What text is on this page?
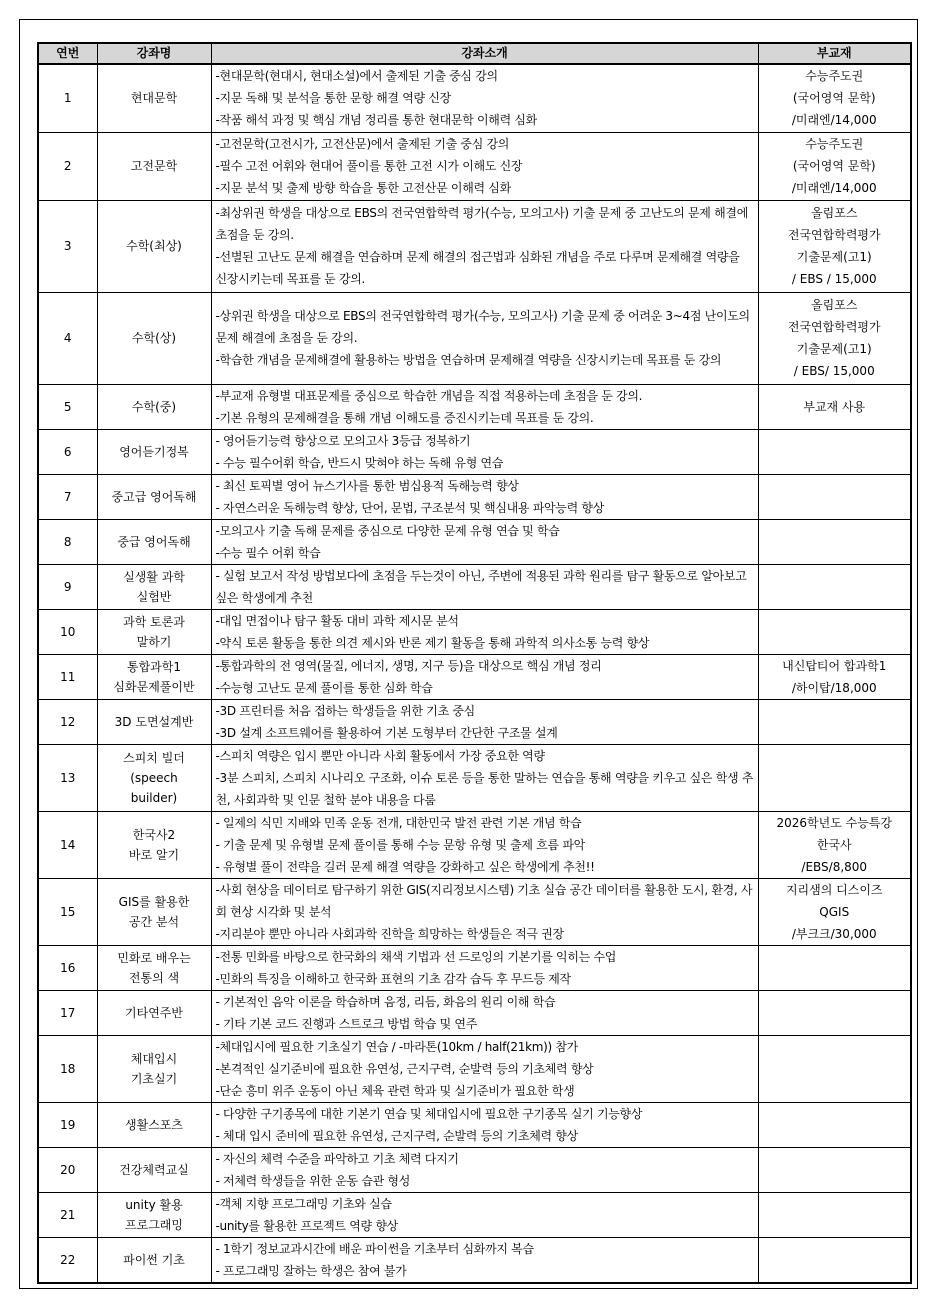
연번	강좌명	강좌소개	부교재
1	현대문학	-현대문학(현대시, 현대소설)에서 출제된 기출 중심 강의
-지문 독해 및 분석을 통한 문항 해결 역량 신장
-작품 해석 과정 및 핵심 개념 정리를 통한 현대문학 이해력 심화	수능주도권
(국어영역 문학)
/미래엔/14,000

2	고전문학	-고전문학(고전시가, 고전산문)에서 출제된 기출 중심 강의
-필수 고전 어휘와 현대어 풀이를 통한 고전 시가 이해도 신장
-지문 분석 및 출제 방향 학습을 통한 고전산문 이해력 심화	수능주도권
(국어영역 문학)
/미래엔/14,000

3	수학(최상)	-최상위권 학생을 대상으로 EBS의 전국연합학력 평가(수능, 모의고사) 기출 문제 중 고난도의 문제 해결에 초점을 둔 강의.
-선별된 고난도 문제 해결을 연습하며 문제 해결의 접근법과 심화된 개념을 주로 다루며 문제해결 역량을 신장시키는데 목표를 둔 강의.	올림포스
전국연합학력평가
기출문제(고1)
/ EBS / 15,000

4	수학(상)	-상위권 학생을 대상으로 EBS의 전국연합학력 평가(수능, 모의고사) 기출 문제 중 어려운 3~4점 난이도의 문제 해결에 초점을 둔 강의.
-학습한 개념을 문제해결에 활용하는 방법을 연습하며 문제해결 역량을 신장시키는데 목표를 둔 강의	올림포스
전국연합학력평가
기출문제(고1)
/ EBS/ 15,000

5	수학(중)	-부교재 유형별 대표문제를 중심으로 학습한 개념을 직접 적용하는데 초점을 둔 강의.
-기본 유형의 문제해결을 통해 개념 이해도를 증진시키는데 목표를 둔 강의.	부교재 사용

6	영어듣기정복	- 영어듣기능력 향상으로 모의고사 3등급 정복하기
- 수능 필수어휘 학습, 반드시 맞혀야 하는 독해 유형 연습	

7	중고급 영어독해	- 최신 토픽별 영어 뉴스기사를 통한 범십용적 독해능력 향상
- 자연스러운 독해능력 향상, 단어, 문법, 구조분석 및 핵심내용 파악능력 향상	

8	중급 영어독해	-모의고사 기출 독해 문제를 중심으로 다양한 문제 유형 연습 및 학습
-수능 필수 어휘 학습	

9	실생활 과학
실험반	- 실험 보고서 작성 방법보다에 초점을 두는것이 아닌, 주변에 적용된 과학 원리를 탐구 활동으로 알아보고 싶은 학생에게 추천	

10	과학 토론과
말하기	-대입 면접이나 탐구 활동 대비 과학 제시문 분석
-약식 토론 활동을 통한 의견 제시와 반론 제기 활동을 통해 과학적 의사소통 능력 향상	

11	통합과학1
심화문제풀이반	-통합과학의 전 영역(물질, 에너지, 생명, 지구 등)을 대상으로 핵심 개념 정리
-수능형 고난도 문제 풀이를 통한 심화 학습	내신탑티어 합과학1
/하이탑/18,000

12	3D 도면설계반	-3D 프린터를 처음 접하는 학생들을 위한 기초 중심
-3D 설계 소프트웨어를 활용하여 기본 도형부터 간단한 구조물 설계	

13	스피치 빌더
(speech
builder)	-스피치 역량은 입시 뿐만 아니라 사회 활동에서 가장 중요한 역량
-3분 스피치, 스피치 시나리오 구조화, 이슈 토론 등을 통한 말하는 연습을 통해 역량을 키우고 싶은 학생 추천, 사회과학 및 인문 철학 분야 내용을 다룸	

14	한국사2
바로 알기	- 일제의 식민 지배와 민족 운동 전개, 대한민국 발전 관련 기본 개념 학습
- 기출 문제 및 유형별 문제 풀이를 통해 수능 문항 유형 및 출제 흐름 파악
- 유형별 풀이 전략을 길러 문제 해결 역량을 강화하고 싶은 학생에게 추천!!	2026학년도 수능특강
한국사
/EBS/8,800

15	GIS를 활용한
공간 분석	-사회 현상을 데이터로 탐구하기 위한 GIS(지리정보시스템) 기초 실습 공간 데이터를 활용한 도시, 환경, 사회 현상 시각화 및 분석
-지리분야 뿐만 아니라 사회과학 진학을 희망하는 학생들은 적극 권장	지리샘의 디스이즈
QGIS
/부크크/30,000

16	민화로 배우는
전통의 색	-전통 민화를 바탕으로 한국화의 채색 기법과 선 드로잉의 기본기를 익히는 수업
-민화의 특징을 이해하고 한국화 표현의 기초 감각 습득 후 무드등 제작	

17	기타연주반	- 기본적인 음악 이론을 학습하며 음정, 리듬, 화음의 원리 이해 학습
- 기타 기본 코드 진행과 스트로크 방법 학습 및 연주	

18	체대입시
기초실기	-체대입시에 필요한 기초실기 연습 / -마라톤(10km / half(21km)) 참가
-본격적인 실기준비에 필요한 유연성, 근지구력, 순발력 등의 기초체력 향상
-단순 흥미 위주 운동이 아닌 체육 관련 학과 및 실기준비가 필요한 학생	

19	생활스포츠	- 다양한 구기종목에 대한 기본기 연습 및 체대입시에 필요한 구기종목 실기 기능향상
- 체대 입시 준비에 필요한 유연성, 근지구력, 순발력 등의 기초체력 향상	

20	건강체력교실	- 자신의 체력 수준을 파악하고 기초 체력 다지기
- 저체력 학생들을 위한 운동 습관 형성	

21	unity 활용
프로그래밍	-객체 지향 프로그래밍 기초와 실습
-unity를 활용한 프로젝트 역량 향상	

22	파이썬 기초	- 1학기 정보교과시간에 배운 파이썬을 기초부터 심화까지 복습
- 프로그래밍 잘하는 학생은 참여 불가	
